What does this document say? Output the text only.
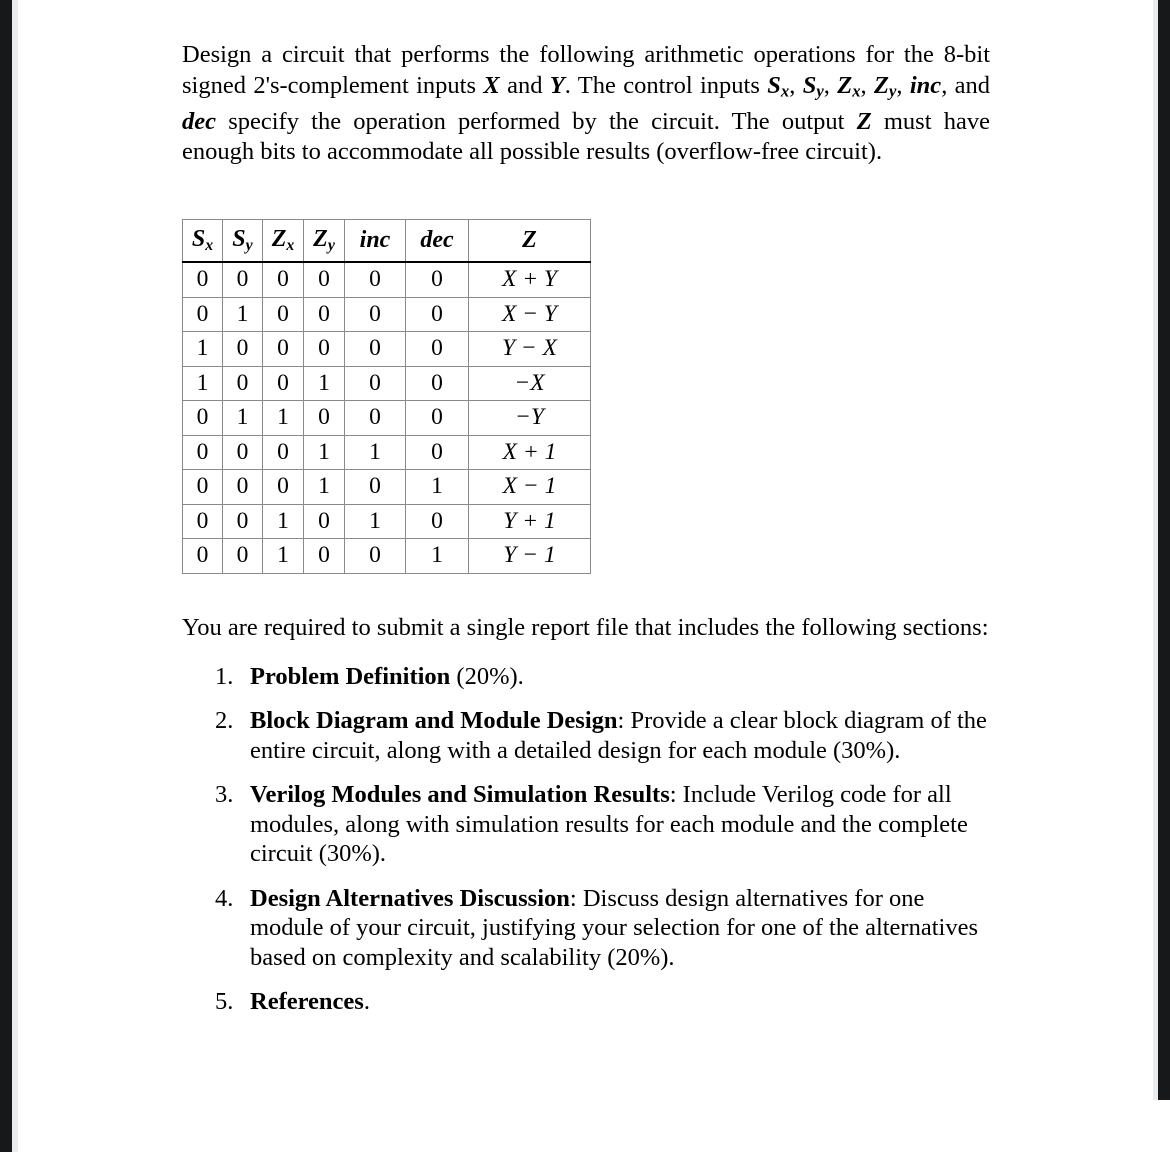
Design a circuit that performs the following arithmetic operations for the 8-bit signed 2's-complement inputs X and Y. The control inputs $S_x$, $S_y$, $Z_x$, $Z_y$, inc, and dec specify the operation performed by the circuit. The output Z must have enough bits to accommodate all possible results (overflow-free circuit).

$S_x$	$S_y$	$Z_x$	$Z_y$	inc	dec	Z
0	0	0	0	0	0	X + Y
0	1	0	0	0	0	X − Y
1	0	0	0	0	0	Y − X
1	0	0	1	0	0	−X
0	1	1	0	0	0	−Y
0	0	0	1	1	0	X + 1
0	0	0	1	0	1	X − 1
0	0	1	0	1	0	Y + 1
0	0	1	0	0	1	Y − 1

You are required to submit a single report file that includes the following sections:

Problem Definition (20%).
Block Diagram and Module Design: Provide a clear block diagram of the entire circuit, along with a detailed design for each module (30%).
Verilog Modules and Simulation Results: Include Verilog code for all modules, along with simulation results for each module and the complete circuit (30%).
Design Alternatives Discussion: Discuss design alternatives for one module of your circuit, justifying your selection for one of the alternatives based on complexity and scalability (20%).
References.
